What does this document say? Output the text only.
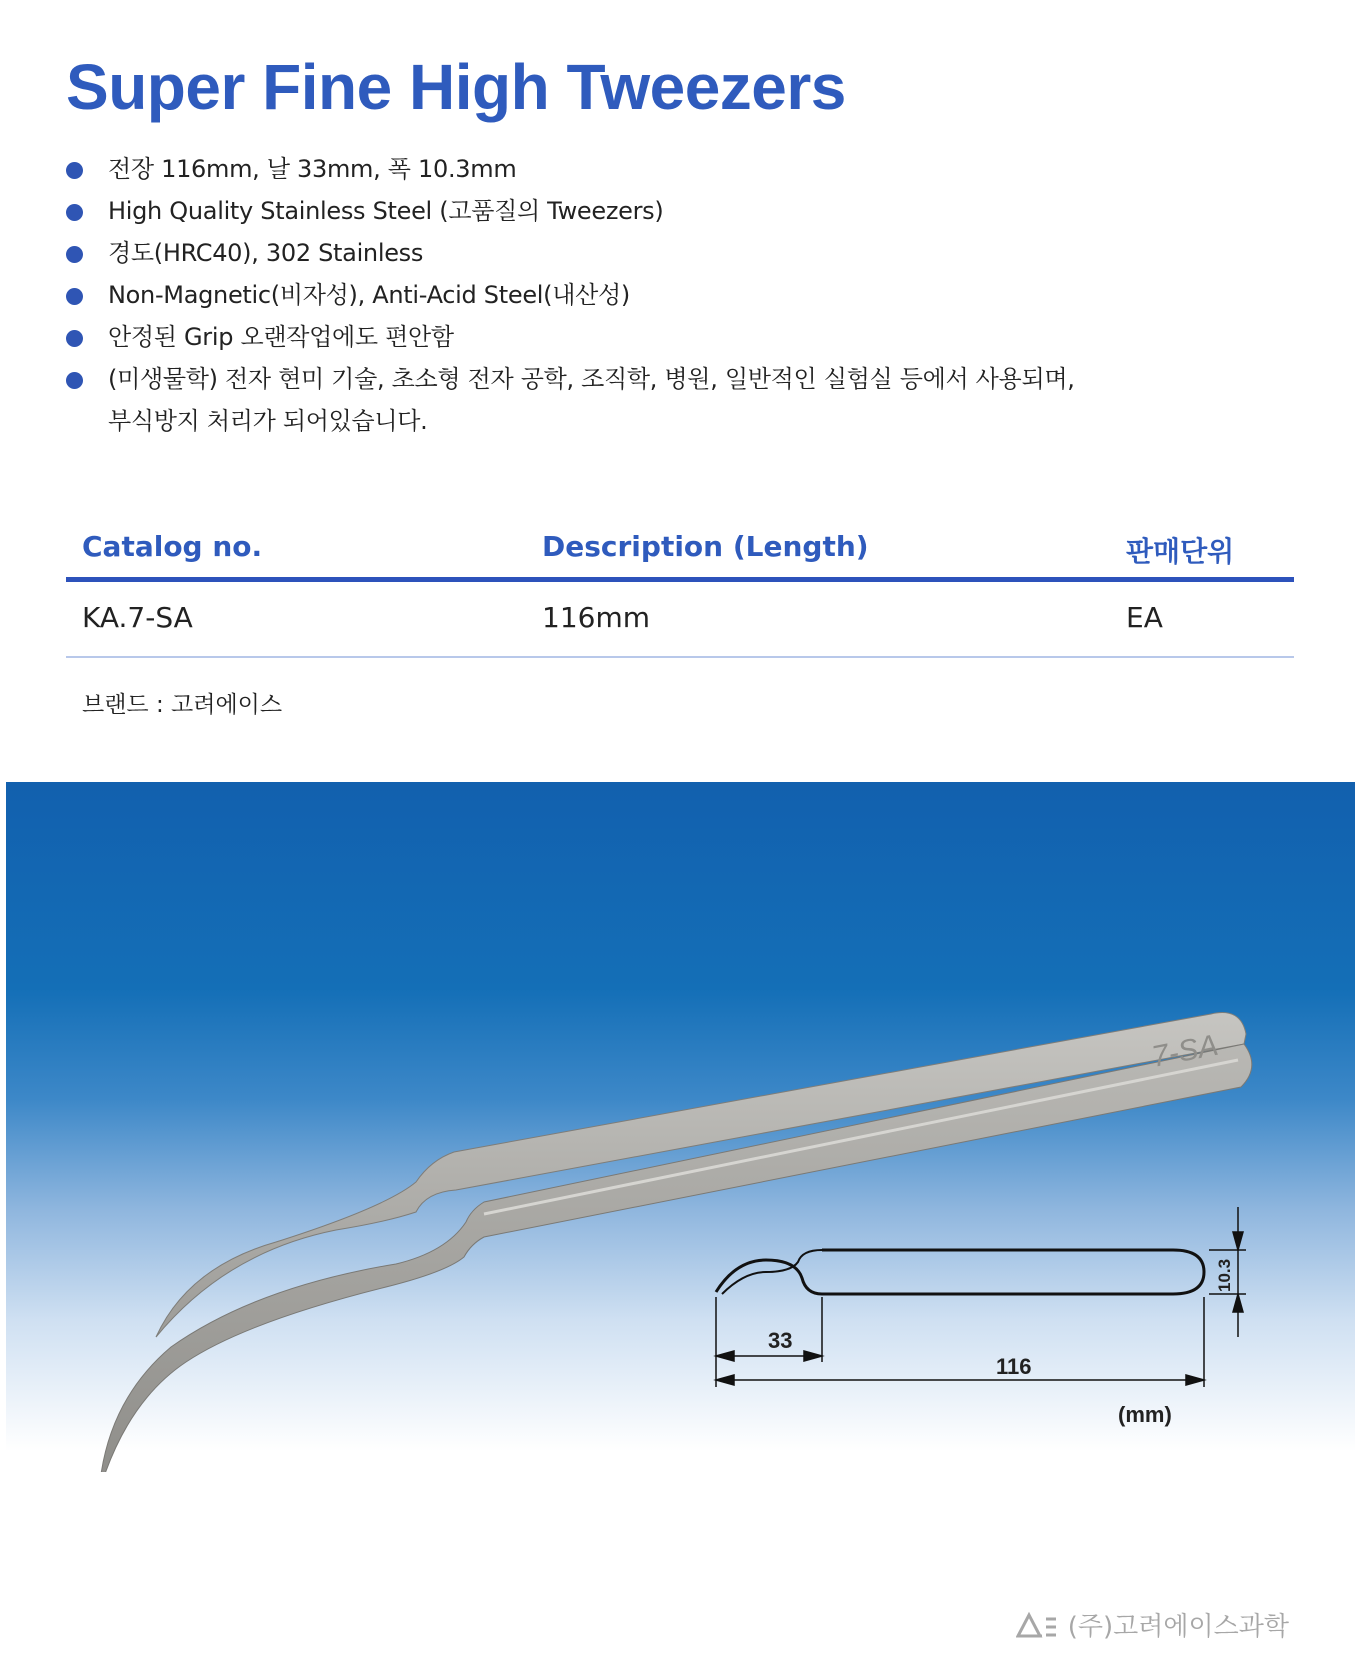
Super Fine High Tweezers
전장 116mm, 날 33mm, 폭 10.3mm
High Quality Stainless Steel (고품질의 Tweezers)
경도(HRC40), 302 Stainless
Non-Magnetic(비자성), Anti-Acid Steel(내산성)
안정된 Grip 오랜작업에도 편안함
(미생물학) 전자 현미 기술, 초소형 전자 공학, 조직학, 병원, 일반적인 실험실 등에서 사용되며,
부식방지 처리가 되어있습니다.
Catalog no.	Description (Length)	판매단위
KA.7-SA	116mm	EA
브랜드 : 고려에이스
7-SA
33
116
10.3
(mm)
(주)고려에이스과학
